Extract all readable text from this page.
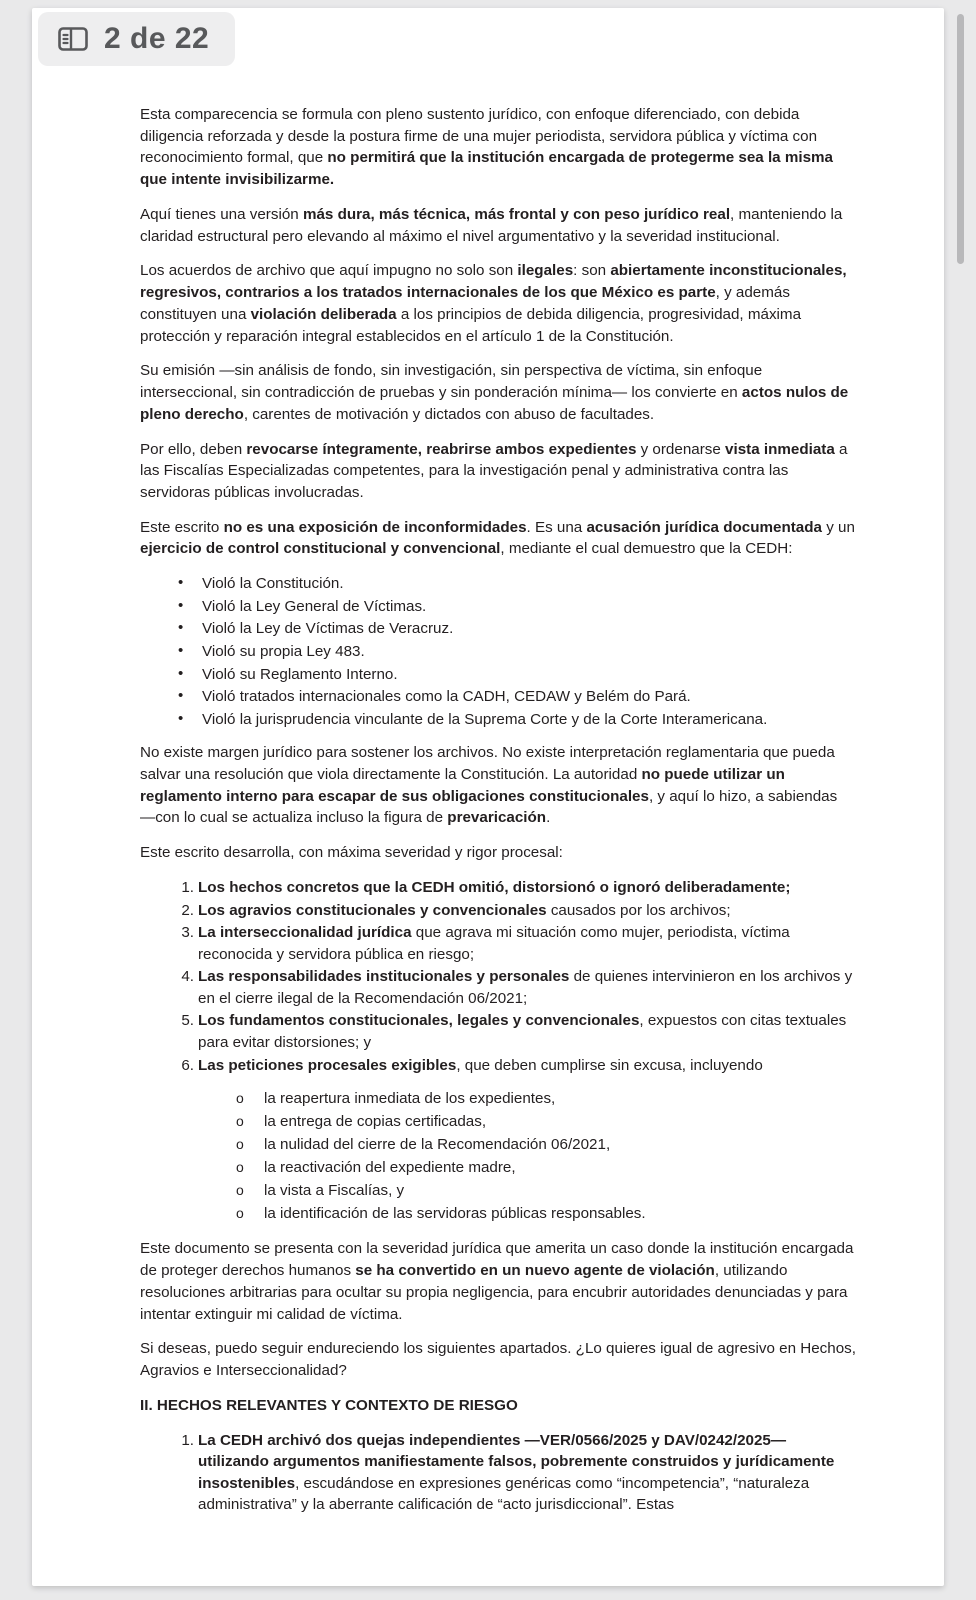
Esta comparecencia se formula con pleno sustento jurídico, con enfoque diferenciado, con debida diligencia reforzada y desde la postura firme de una mujer periodista, servidora pública y víctima con reconocimiento formal, que no permitirá que la institución encargada de protegerme sea la misma que intente invisibilizarme.

Aquí tienes una versión más dura, más técnica, más frontal y con peso jurídico real, manteniendo la claridad estructural pero elevando al máximo el nivel argumentativo y la severidad institucional.

Los acuerdos de archivo que aquí impugno no solo son ilegales: son abiertamente inconstitucionales, regresivos, contrarios a los tratados internacionales de los que México es parte, y además constituyen una violación deliberada a los principios de debida diligencia, progresividad, máxima protección y reparación integral establecidos en el artículo 1 de la Constitución.

Su emisión —sin análisis de fondo, sin investigación, sin perspectiva de víctima, sin enfoque interseccional, sin contradicción de pruebas y sin ponderación mínima— los convierte en actos nulos de pleno derecho, carentes de motivación y dictados con abuso de facultades.

Por ello, deben revocarse íntegramente, reabrirse ambos expedientes y ordenarse vista inmediata a las Fiscalías Especializadas competentes, para la investigación penal y administrativa contra las servidoras públicas involucradas.

Este escrito no es una exposición de inconformidades. Es una acusación jurídica documentada y un ejercicio de control constitucional y convencional, mediante el cual demuestro que la CEDH:

• Violó la Constitución.
• Violó la Ley General de Víctimas.
• Violó la Ley de Víctimas de Veracruz.
• Violó su propia Ley 483.
• Violó su Reglamento Interno.
• Violó tratados internacionales como la CADH, CEDAW y Belém do Pará.
• Violó la jurisprudencia vinculante de la Suprema Corte y de la Corte Interamericana.

No existe margen jurídico para sostener los archivos. No existe interpretación reglamentaria que pueda salvar una resolución que viola directamente la Constitución. La autoridad no puede utilizar un reglamento interno para escapar de sus obligaciones constitucionales, y aquí lo hizo, a sabiendas —con lo cual se actualiza incluso la figura de prevaricación.

Este escrito desarrolla, con máxima severidad y rigor procesal:

Los hechos concretos que la CEDH omitió, distorsionó o ignoró deliberadamente;
Los agravios constitucionales y convencionales causados por los archivos;
La interseccionalidad jurídica que agrava mi situación como mujer, periodista, víctima reconocida y servidora pública en riesgo;
Las responsabilidades institucionales y personales de quienes intervinieron en los archivos y en el cierre ilegal de la Recomendación 06/2021;
Los fundamentos constitucionales, legales y convencionales, expuestos con citas textuales para evitar distorsiones; y
Las peticiones procesales exigibles, que deben cumplirse sin excusa, incluyendo
o la reapertura inmediata de los expedientes,
o la entrega de copias certificadas,
o la nulidad del cierre de la Recomendación 06/2021,
o la reactivación del expediente madre,
o la vista a Fiscalías, y
o la identificación de las servidoras públicas responsables.

Este documento se presenta con la severidad jurídica que amerita un caso donde la institución encargada de proteger derechos humanos se ha convertido en un nuevo agente de violación, utilizando resoluciones arbitrarias para ocultar su propia negligencia, para encubrir autoridades denunciadas y para intentar extinguir mi calidad de víctima.

Si deseas, puedo seguir endureciendo los siguientes apartados. ¿Lo quieres igual de agresivo en Hechos, Agravios e Interseccionalidad?

II. HECHOS RELEVANTES Y CONTEXTO DE RIESGO

La CEDH archivó dos quejas independientes —VER/0566/2025 y DAV/0242/2025— utilizando argumentos manifiestamente falsos, pobremente construidos y jurídicamente insostenibles, escudándose en expresiones genéricas como “incompetencia”, “naturaleza administrativa” y la aberrante calificación de “acto jurisdiccional”. Estas
2 de 22
